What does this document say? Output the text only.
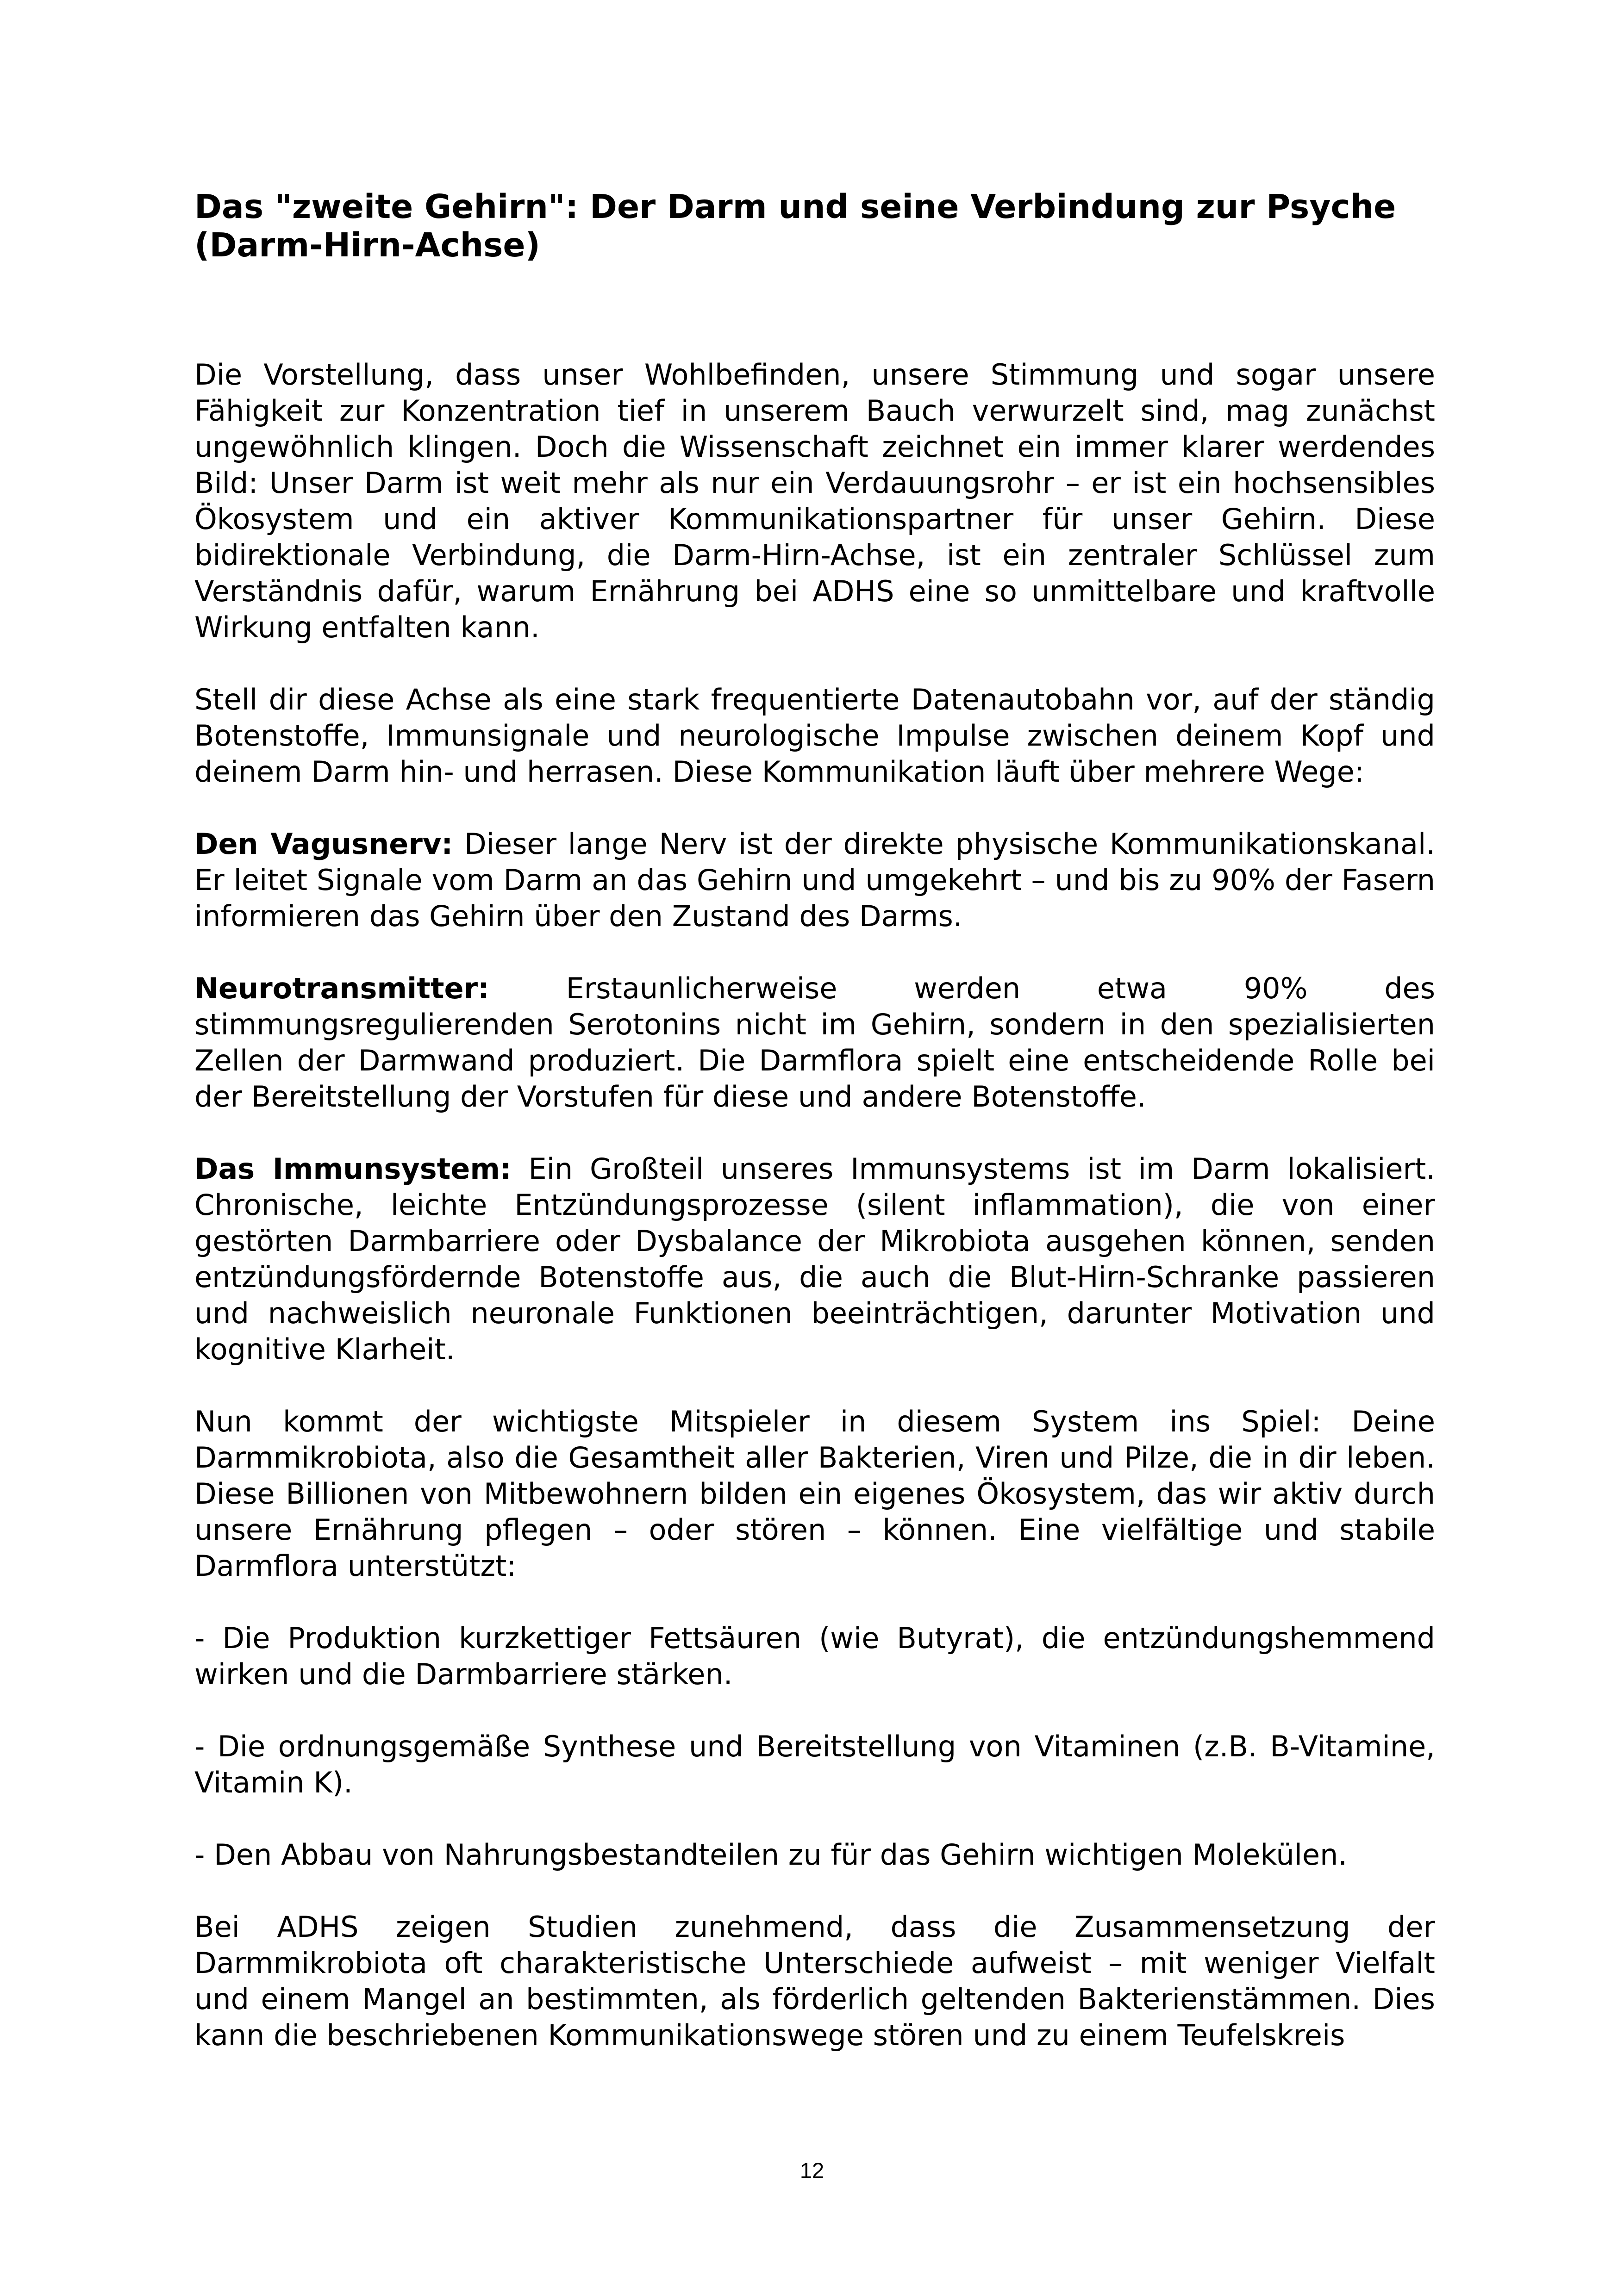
Das "zweite Gehirn": Der Darm und seine Verbindung zur Psyche (Darm-Hirn-Achse)

Die Vorstellung, dass unser Wohlbefinden, unsere Stimmung und sogar unsere Fähigkeit zur Konzentration tief in unserem Bauch verwurzelt sind, mag zunächst ungewöhnlich klingen. Doch die Wissenschaft zeichnet ein immer klarer werdendes Bild: Unser Darm ist weit mehr als nur ein Verdauungsrohr – er ist ein hochsensibles Ökosystem und ein aktiver Kommunikationspartner für unser Gehirn. Diese bidirektionale Verbindung, die Darm-Hirn-Achse, ist ein zentraler Schlüssel zum Verständnis dafür, warum Ernährung bei ADHS eine so unmittelbare und kraftvolle Wirkung entfalten kann.

Stell dir diese Achse als eine stark frequentierte Datenautobahn vor, auf der ständig Botenstoffe, Immunsignale und neurologische Impulse zwischen deinem Kopf und deinem Darm hin- und herrasen. Diese Kommunikation läuft über mehrere Wege:

Den Vagusnerv: Dieser lange Nerv ist der direkte physische Kommunikationskanal. Er leitet Signale vom Darm an das Gehirn und umgekehrt – und bis zu 90% der Fasern informieren das Gehirn über den Zustand des Darms.

Neurotransmitter: Erstaunlicherweise werden etwa 90% des stimmungsregulierenden Serotonins nicht im Gehirn, sondern in den spezialisierten Zellen der Darmwand produziert. Die Darmflora spielt eine entscheidende Rolle bei der Bereitstellung der Vorstufen für diese und andere Botenstoffe.

Das Immunsystem: Ein Großteil unseres Immunsystems ist im Darm lokalisiert. Chronische, leichte Entzündungsprozesse (silent inflammation), die von einer gestörten Darmbarriere oder Dysbalance der Mikrobiota ausgehen können, senden entzündungsfördernde Botenstoffe aus, die auch die Blut-Hirn-Schranke passieren und nachweislich neuronale Funktionen beeinträchtigen, darunter Motivation und kognitive Klarheit.

Nun kommt der wichtigste Mitspieler in diesem System ins Spiel: Deine Darmmikrobiota, also die Gesamtheit aller Bakterien, Viren und Pilze, die in dir leben. Diese Billionen von Mitbewohnern bilden ein eigenes Ökosystem, das wir aktiv durch unsere Ernährung pflegen – oder stören – können. Eine vielfältige und stabile Darmflora unterstützt:

- Die Produktion kurzkettiger Fettsäuren (wie Butyrat), die entzündungshemmend wirken und die Darmbarriere stärken.

- Die ordnungsgemäße Synthese und Bereitstellung von Vitaminen (z.B. B-Vitamine, Vitamin K).

- Den Abbau von Nahrungsbestandteilen zu für das Gehirn wichtigen Molekülen.

Bei ADHS zeigen Studien zunehmend, dass die Zusammensetzung der Darmmikrobiota oft charakteristische Unterschiede aufweist – mit weniger Vielfalt und einem Mangel an bestimmten, als förderlich geltenden Bakterienstämmen. Dies kann die beschriebenen Kommunikationswege stören und zu einem Teufelskreis

12
